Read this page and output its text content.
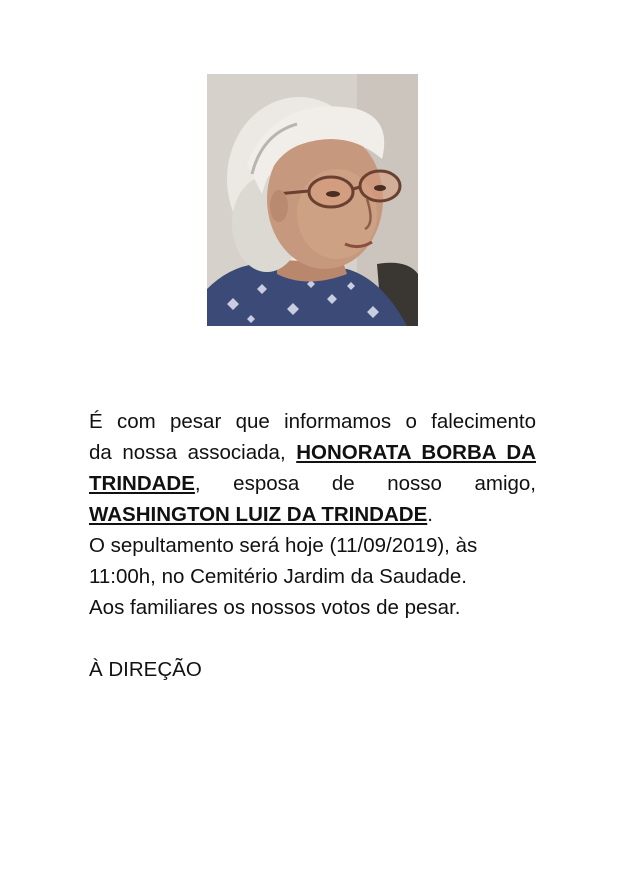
É com pesar que informamos o falecimento

da nossa associada, HONORATA BORBA DA

TRINDADE, esposa de nosso amigo,

WASHINGTON LUIZ DA TRINDADE.

O sepultamento será hoje (11/09/2019), às

11:00h, no Cemitério Jardim da Saudade.

Aos familiares os nossos votos de pesar.

À DIREÇÃO
